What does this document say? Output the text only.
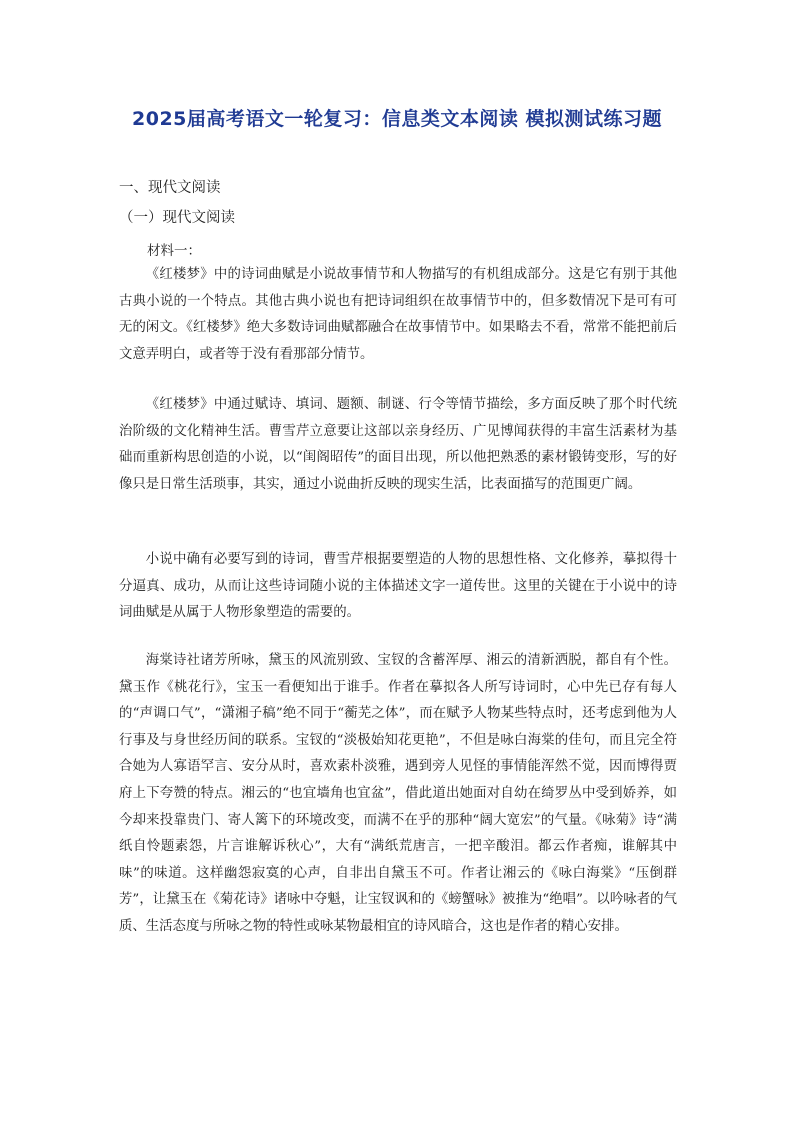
2025届高考语文一轮复习：信息类文本阅读 模拟测试练习题
一、现代文阅读
（一）现代文阅读
材料一：

《红楼梦》中的诗词曲赋是小说故事情节和人物描写的有机组成部分。这是它有别于其他古典小说的一个特点。其他古典小说也有把诗词组织在故事情节中的，但多数情况下是可有可无的闲文。《红楼梦》绝大多数诗词曲赋都融合在故事情节中。如果略去不看，常常不能把前后文意弄明白，或者等于没有看那部分情节。

《红楼梦》中通过赋诗、填词、题额、制谜、行令等情节描绘，多方面反映了那个时代统治阶级的文化精神生活。曹雪芹立意要让这部以亲身经历、广见博闻获得的丰富生活素材为基础而重新构思创造的小说，以“闺阁昭传”的面目出现，所以他把熟悉的素材锻铸变形，写的好像只是日常生活琐事，其实，通过小说曲折反映的现实生活，比表面描写的范围更广阔。

小说中确有必要写到的诗词，曹雪芹根据要塑造的人物的思想性格、文化修养，摹拟得十分逼真、成功，从而让这些诗词随小说的主体描述文字一道传世。这里的关键在于小说中的诗词曲赋是从属于人物形象塑造的需要的。

海棠诗社诸芳所咏，黛玉的风流别致、宝钗的含蓄浑厚、湘云的清新洒脱，都自有个性。黛玉作《桃花行》，宝玉一看便知出于谁手。作者在摹拟各人所写诗词时，心中先已存有每人的“声调口气”，“潇湘子稿”绝不同于“蘅芜之体”，而在赋予人物某些特点时，还考虑到他为人行事及与身世经历间的联系。宝钗的“淡极始知花更艳”，不但是咏白海棠的佳句，而且完全符合她为人寡语罕言、安分从时，喜欢素朴淡雅，遇到旁人见怪的事情能浑然不觉，因而博得贾府上下夸赞的特点。湘云的“也宜墙角也宜盆”，借此道出她面对自幼在绮罗丛中受到娇养，如今却来投靠贵门、寄人篱下的环境改变，而满不在乎的那种“阔大宽宏”的气量。《咏菊》诗“满纸自怜题素怨，片言谁解诉秋心”，大有“满纸荒唐言，一把辛酸泪。都云作者痴，谁解其中味”的味道。这样幽怨寂寞的心声，自非出自黛玉不可。作者让湘云的《咏白海棠》“压倒群芳”，让黛玉在《菊花诗》诸咏中夺魁，让宝钗讽和的《螃蟹咏》被推为“绝唱”。以吟咏者的气质、生活态度与所咏之物的特性或咏某物最相宜的诗风暗合，这也是作者的精心安排。
